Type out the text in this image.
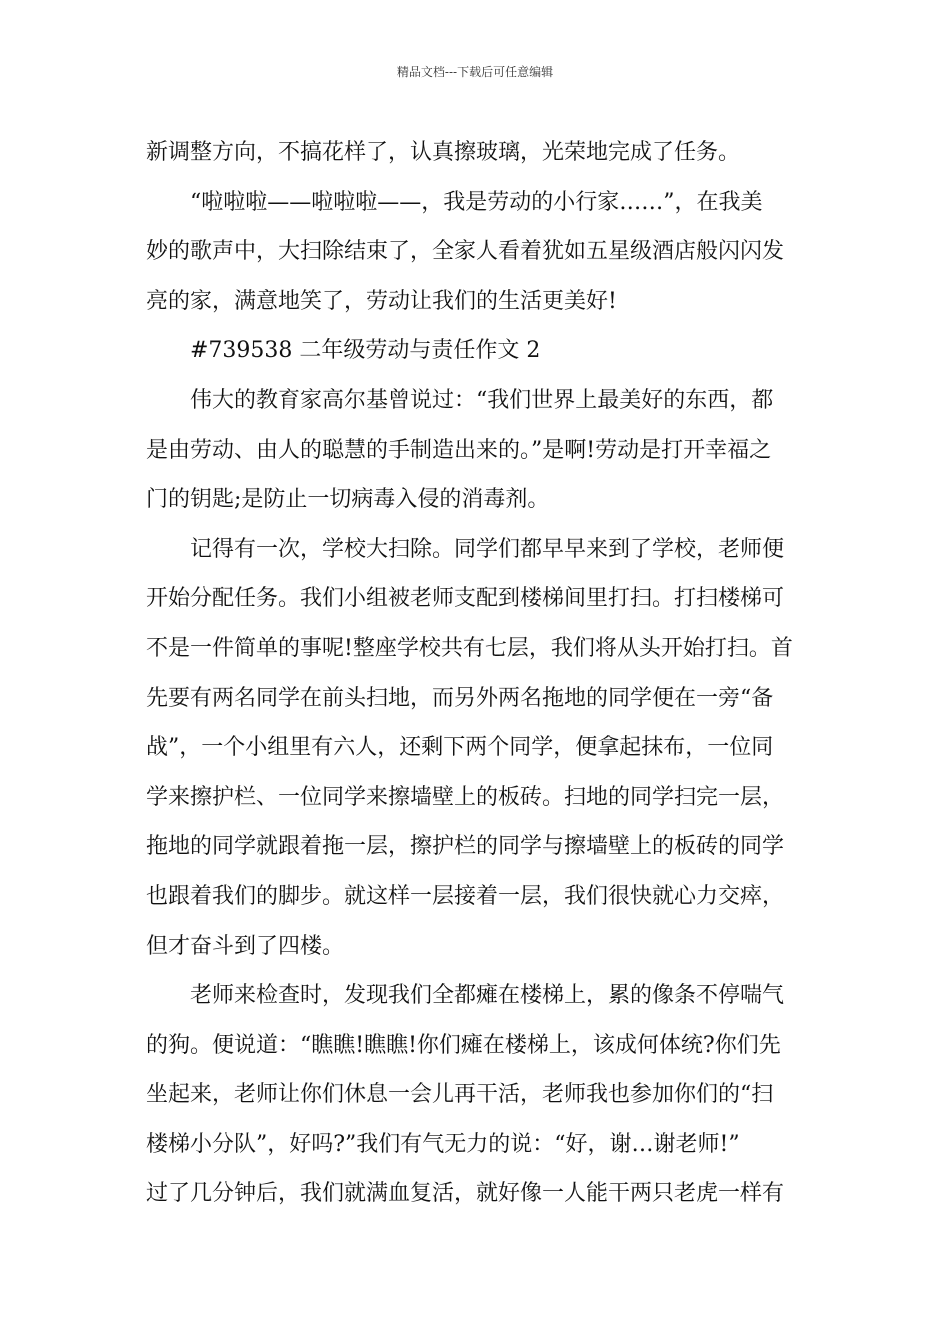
精品文档---下载后可任意编辑
新调整方向，不搞花样了，认真擦玻璃，光荣地完成了任务。
“啦啦啦——啦啦啦——，我是劳动的小行家……”，在我美
妙的歌声中，大扫除结束了，全家人看着犹如五星级酒店般闪闪发
亮的家，满意地笑了，劳动让我们的生活更美好!
#739538 二年级劳动与责任作文 2
伟大的教育家高尔基曾说过：“我们世界上最美好的东西，都
是由劳动、由人的聪慧的手制造出来的。”是啊!劳动是打开幸福之
门的钥匙;是防止一切病毒入侵的消毒剂。
记得有一次，学校大扫除。同学们都早早来到了学校，老师便
开始分配任务。我们小组被老师支配到楼梯间里打扫。打扫楼梯可
不是一件简单的事呢!整座学校共有七层，我们将从头开始打扫。首
先要有两名同学在前头扫地，而另外两名拖地的同学便在一旁“备
战”，一个小组里有六人，还剩下两个同学，便拿起抹布，一位同
学来擦护栏、一位同学来擦墙壁上的板砖。扫地的同学扫完一层，
拖地的同学就跟着拖一层，擦护栏的同学与擦墙壁上的板砖的同学
也跟着我们的脚步。就这样一层接着一层，我们很快就心力交瘁，
但才奋斗到了四楼。
老师来检查时，发现我们全都瘫在楼梯上，累的像条不停喘气
的狗。便说道：“瞧瞧!瞧瞧!你们瘫在楼梯上，该成何体统?你们先
坐起来，老师让你们休息一会儿再干活，老师我也参加你们的“扫
楼梯小分队”，好吗?”我们有气无力的说：“好，谢…谢老师!”
过了几分钟后，我们就满血复活，就好像一人能干两只老虎一样有
